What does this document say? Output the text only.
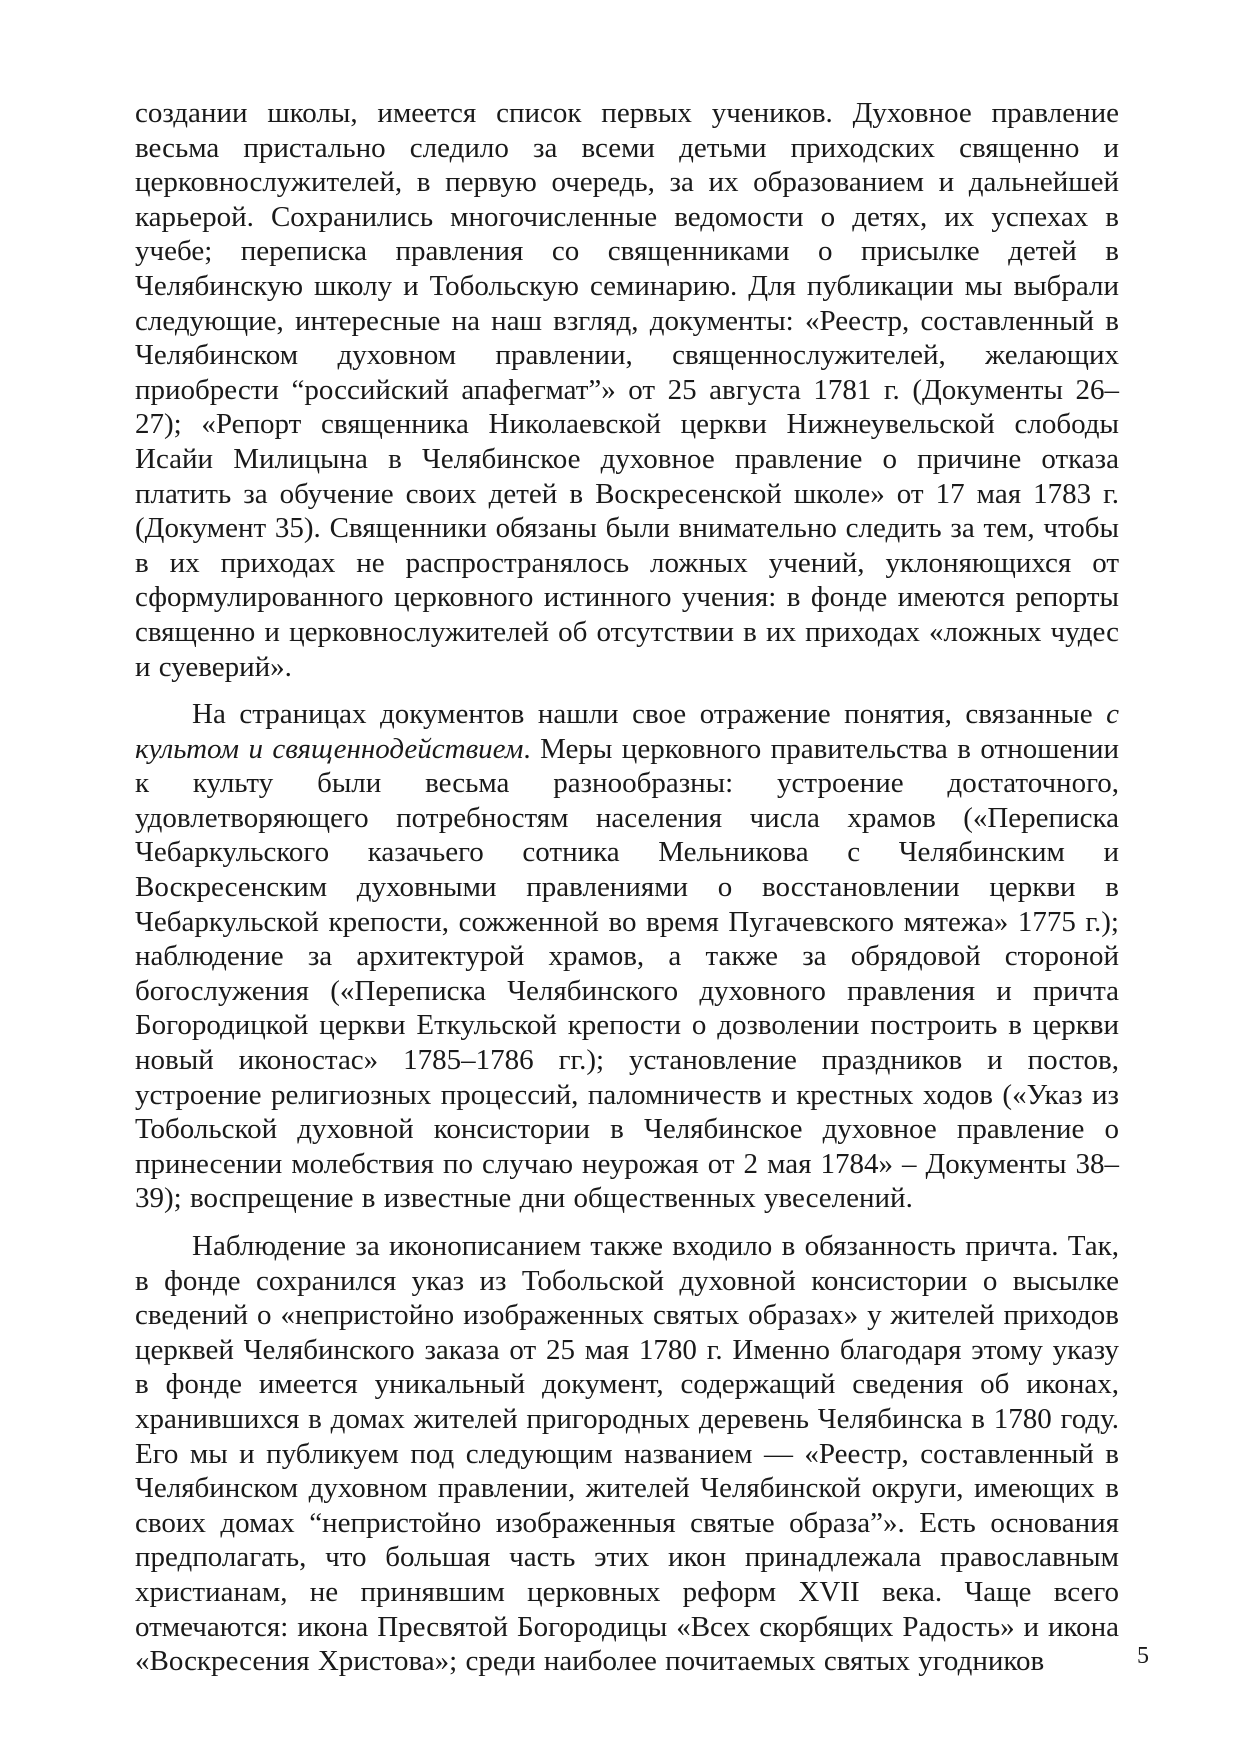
создании школы, имеется список первых учеников. Духовное правление весьма пристально следило за всеми детьми приходских священно и церковнослужителей, в первую очередь, за их образованием и дальнейшей карьерой. Сохранились многочисленные ведомости о детях, их успехах в учебе; переписка правления со священниками о присылке детей в Челябинскую школу и Тобольскую семинарию. Для публикации мы выбрали следующие, интересные на наш взгляд, документы: «Реестр, составленный в Челябинском духовном правлении, священнослужителей, желающих приобрести “российский апафегмат”» от 25 августа 1781 г. (Документы 26–27); «Репорт священника Николаевской церкви Нижнеувельской слободы Исайи Милицына в Челябинское духовное правление о причине отказа платить за обучение своих детей в Воскресенской школе» от 17 мая 1783 г. (Документ 35). Священники обязаны были внимательно следить за тем, чтобы в их приходах не распространялось ложных учений, уклоняющихся от сформулированного церковного истинного учения: в фонде имеются репорты священно и церковнослужителей об отсутствии в их приходах «ложных чудес и суеверий».

На страницах документов нашли свое отражение понятия, связанные с культом и священнодействием. Меры церковного правительства в отношении к культу были весьма разнообразны: устроение достаточного, удовлетворяющего потребностям населения числа храмов («Переписка Чебаркульского казачьего сотника Мельникова с Челябинским и Воскресенским духовными правлениями о восстановлении церкви в Чебаркульской крепости, сожженной во время Пугачевского мятежа» 1775 г.); наблюдение за архитектурой храмов, а также за обрядовой стороной богослужения («Переписка Челябинского духовного правления и причта Богородицкой церкви Еткульской крепости о дозволении построить в церкви новый иконостас» 1785–1786 гг.); установление праздников и постов, устроение религиозных процессий, паломничеств и крестных ходов («Указ из Тобольской духовной консистории в Челябинское духовное правление о принесении молебствия по случаю неурожая от 2 мая 1784» – Документы 38–39); воспрещение в известные дни общественных увеселений.

Наблюдение за иконописанием также входило в обязанность причта. Так, в фонде сохранился указ из Тобольской духовной консистории о высылке сведений о «непристойно изображенных святых образах» у жителей приходов церквей Челябинского заказа от 25 мая 1780 г. Именно благодаря этому указу в фонде имеется уникальный документ, содержащий сведения об иконах, хранившихся в домах жителей пригородных деревень Челябинска в 1780 году. Его мы и публикуем под следующим названием — «Реестр, составленный в Челябинском духовном правлении, жителей Челябинской округи, имеющих в своих домах “непристойно изображенныя святые образа”». Есть основания предполагать, что большая часть этих икон принадлежала православным христианам, не принявшим церковных реформ XVII века. Чаще всего отмечаются: икона Пресвятой Богородицы «Всех скорбящих Радость» и икона «Воскресения Христова»; среди наиболее почитаемых святых угодников	5
